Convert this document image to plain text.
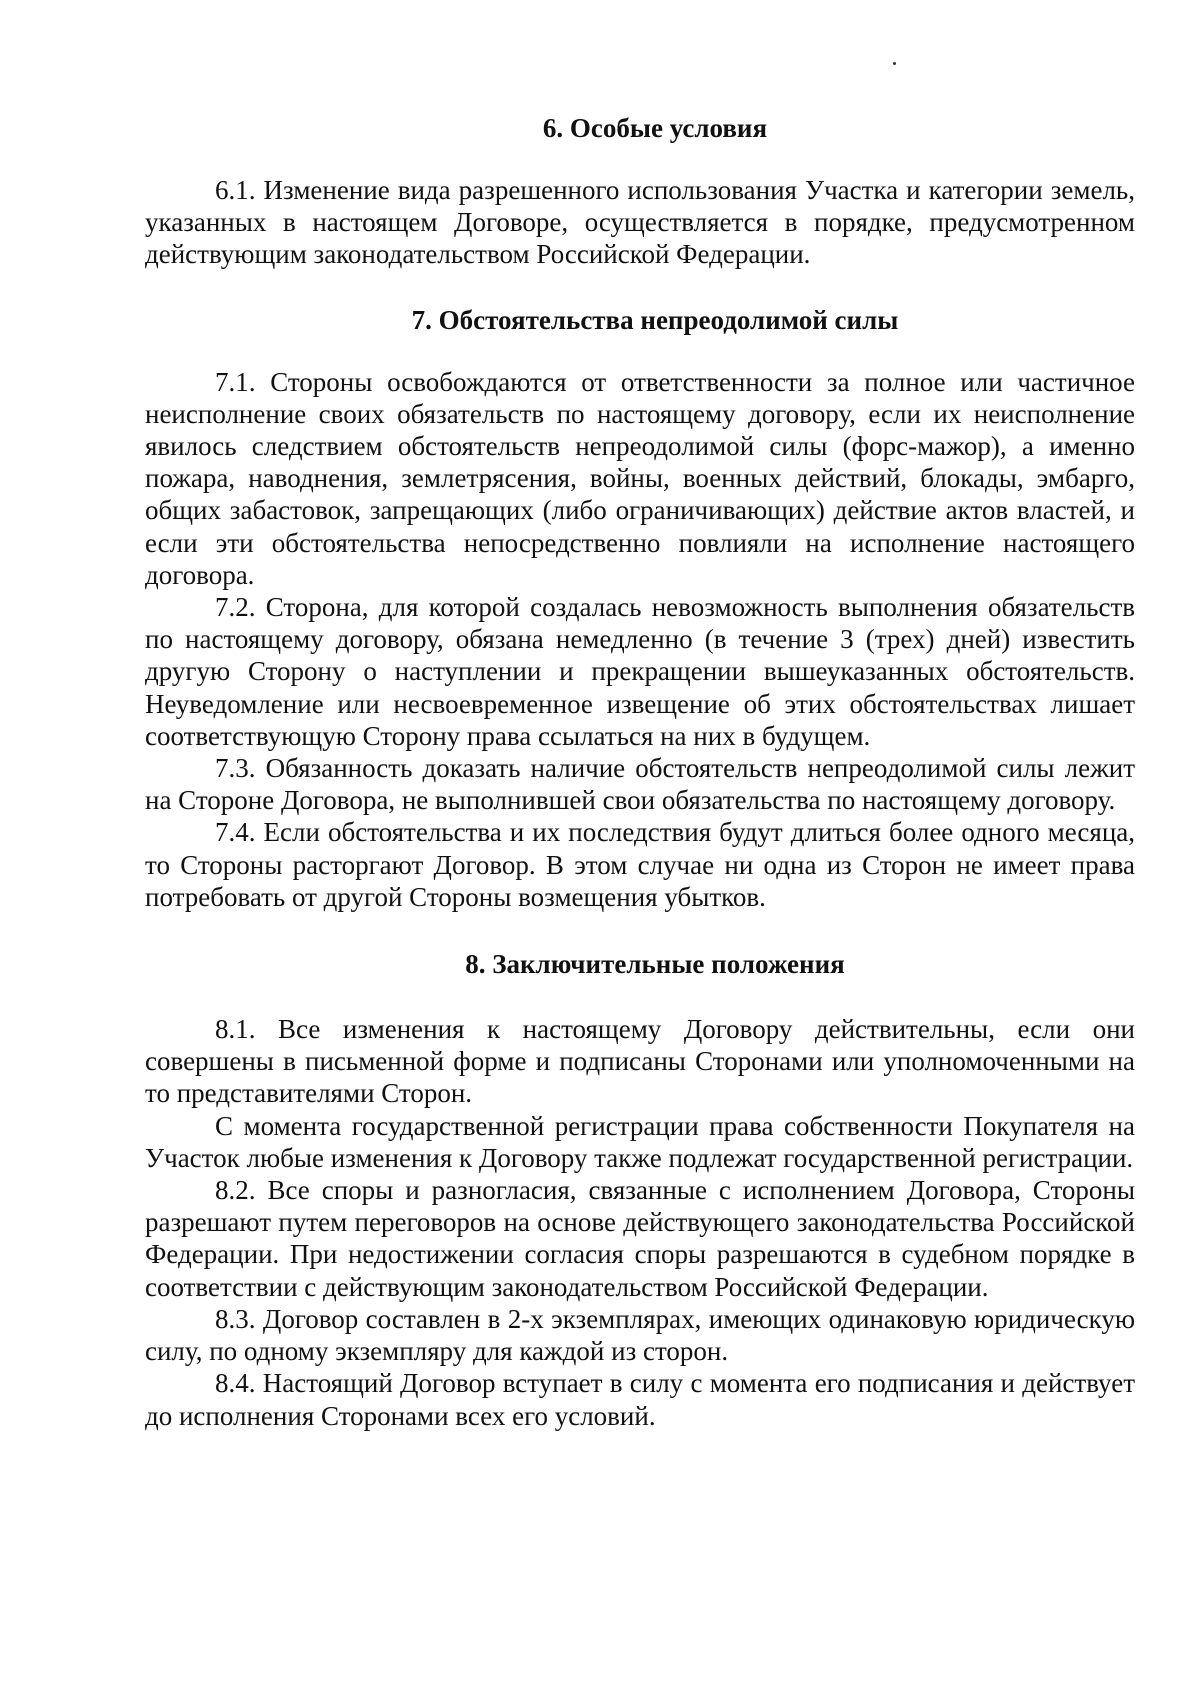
6. Особые условия

6.1. Изменение вида разрешенного использования Участка и категории земель, указанных в настоящем Договоре, осуществляется в порядке, предусмотренном действующим законодательством Российской Федерации.

7. Обстоятельства непреодолимой силы

7.1. Стороны освобождаются от ответственности за полное или частичное неисполнение своих обязательств по настоящему договору, если их неисполнение явилось следствием обстоятельств непреодолимой силы (форс-мажор), а именно пожара, наводнения, землетрясения, войны, военных действий, блокады, эмбарго, общих забастовок, запрещающих (либо ограничивающих) действие актов властей, и если эти обстоятельства непосредственно повлияли на исполнение настоящего договора.

7.2. Сторона, для которой создалась невозможность выполнения обязательств по настоящему договору, обязана немедленно (в течение 3 (трех) дней) известить другую Сторону о наступлении и прекращении вышеуказанных обстоятельств. Неуведомление или несвоевременное извещение об этих обстоятельствах лишает соответствующую Сторону права ссылаться на них в будущем.

7.3. Обязанность доказать наличие обстоятельств непреодолимой силы лежит на Стороне Договора, не выполнившей свои обязательства по настоящему договору.

7.4. Если обстоятельства и их последствия будут длиться более одного месяца, то Стороны расторгают Договор. В этом случае ни одна из Сторон не имеет права потребовать от другой Стороны возмещения убытков.

8. Заключительные положения

8.1. Все изменения к настоящему Договору действительны, если они совершены в письменной форме и подписаны Сторонами или уполномоченными на то представителями Сторон.

С момента государственной регистрации права собственности Покупателя на Участок любые изменения к Договору также подлежат государственной регистрации.

8.2. Все споры и разногласия, связанные с исполнением Договора, Стороны разрешают путем переговоров на основе действующего законодательства Российской Федерации. При недостижении согласия споры разрешаются в судебном порядке в соответствии с действующим законодательством Российской Федерации.

8.3. Договор составлен в 2-х экземплярах, имеющих одинаковую юридическую силу, по одному экземпляру для каждой из сторон.

8.4. Настоящий Договор вступает в силу с момента его подписания и действует до исполнения Сторонами всех его условий.
